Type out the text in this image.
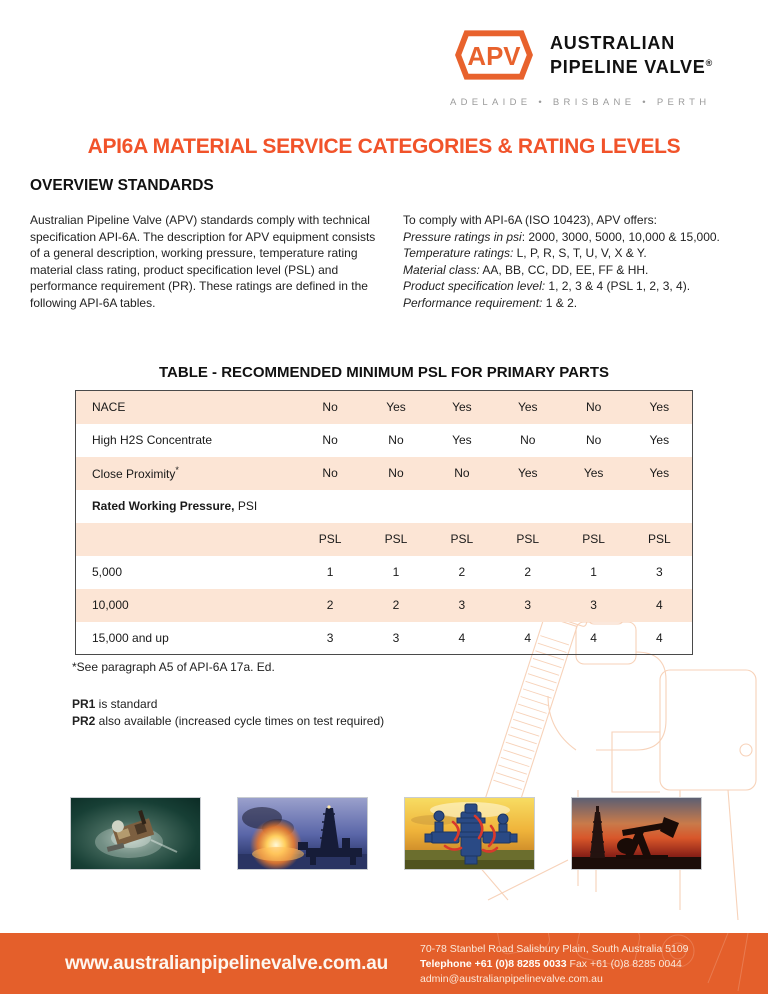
APV AUSTRALIAN
PIPELINE VALVE®
ADELAIDE • BRISBANE • PERTH
API6A MATERIAL SERVICE CATEGORIES & RATING LEVELS
OVERVIEW STANDARDS
Australian Pipeline Valve (APV) standards comply with technical specification API-6A. The description for APV equipment consists of a general description, working pressure, temperature rating material class rating, product specification level (PSL) and performance requirement (PR). These ratings are defined in the following API-6A tables.
To comply with API-6A (ISO 10423), APV offers:
Pressure ratings in psi: 2000, 3000, 5000, 10,000 & 15,000.
Temperature ratings: L, P, R, S, T, U, V, X & Y.
Material class: AA, BB, CC, DD, EE, FF & HH.
Product specification level: 1, 2, 3 & 4 (PSL 1, 2, 3, 4).
Performance requirement: 1 & 2.
TABLE - RECOMMENDED MINIMUM PSL FOR PRIMARY PARTS
NACE	No	Yes	Yes	Yes	No	Yes
High H2S Concentrate	No	No	Yes	No	No	Yes
Close Proximity*	No	No	No	Yes	Yes	Yes
Rated Working Pressure, PSI						
	PSL	PSL	PSL	PSL	PSL	PSL
5,000	1	1	2	2	1	3
10,000	2	2	3	3	3	4
15,000 and up	3	3	4	4	4	4
*See paragraph A5 of API-6A 17a. Ed.
PR1 is standard
PR2 also available (increased cycle times on test required)
www.australianpipelinevalve.com.au
70-78 Stanbel Road Salisbury Plain, South Australia 5109
Telephone +61 (0)8 8285 0033 Fax +61 (0)8 8285 0044
admin@australianpipelinevalve.com.au
